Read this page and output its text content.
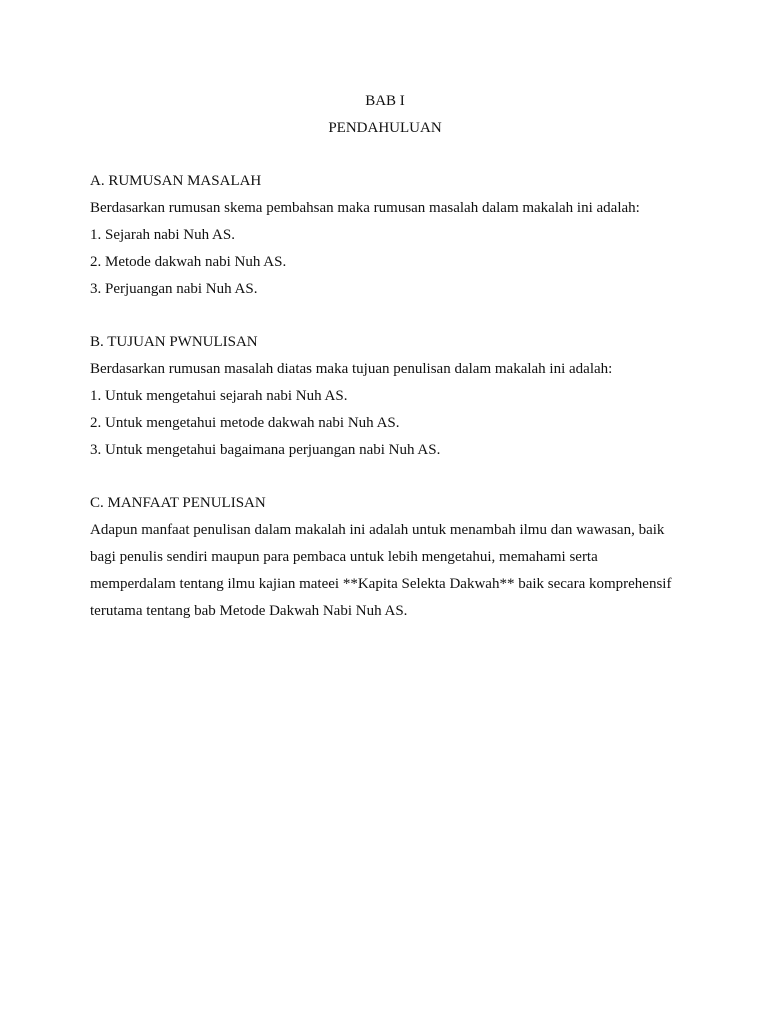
BAB I
PENDAHULUAN
A. RUMUSAN MASALAH
Berdasarkan rumusan skema pembahsan maka rumusan masalah dalam makalah ini adalah:
1. Sejarah nabi Nuh AS.
2. Metode dakwah nabi Nuh AS.
3. Perjuangan nabi Nuh AS.
B. TUJUAN PWNULISAN
Berdasarkan rumusan masalah diatas maka tujuan penulisan dalam makalah ini adalah:
1. Untuk mengetahui sejarah nabi Nuh AS.
2. Untuk mengetahui metode dakwah nabi Nuh AS.
3. Untuk mengetahui bagaimana perjuangan nabi Nuh AS.
C. MANFAAT PENULISAN
Adapun manfaat penulisan dalam makalah ini adalah untuk menambah ilmu dan wawasan, baik
bagi penulis sendiri maupun para pembaca untuk lebih mengetahui, memahami serta
memperdalam tentang ilmu kajian mateei **Kapita Selekta Dakwah** baik secara komprehensif
terutama tentang bab Metode Dakwah Nabi Nuh AS.
